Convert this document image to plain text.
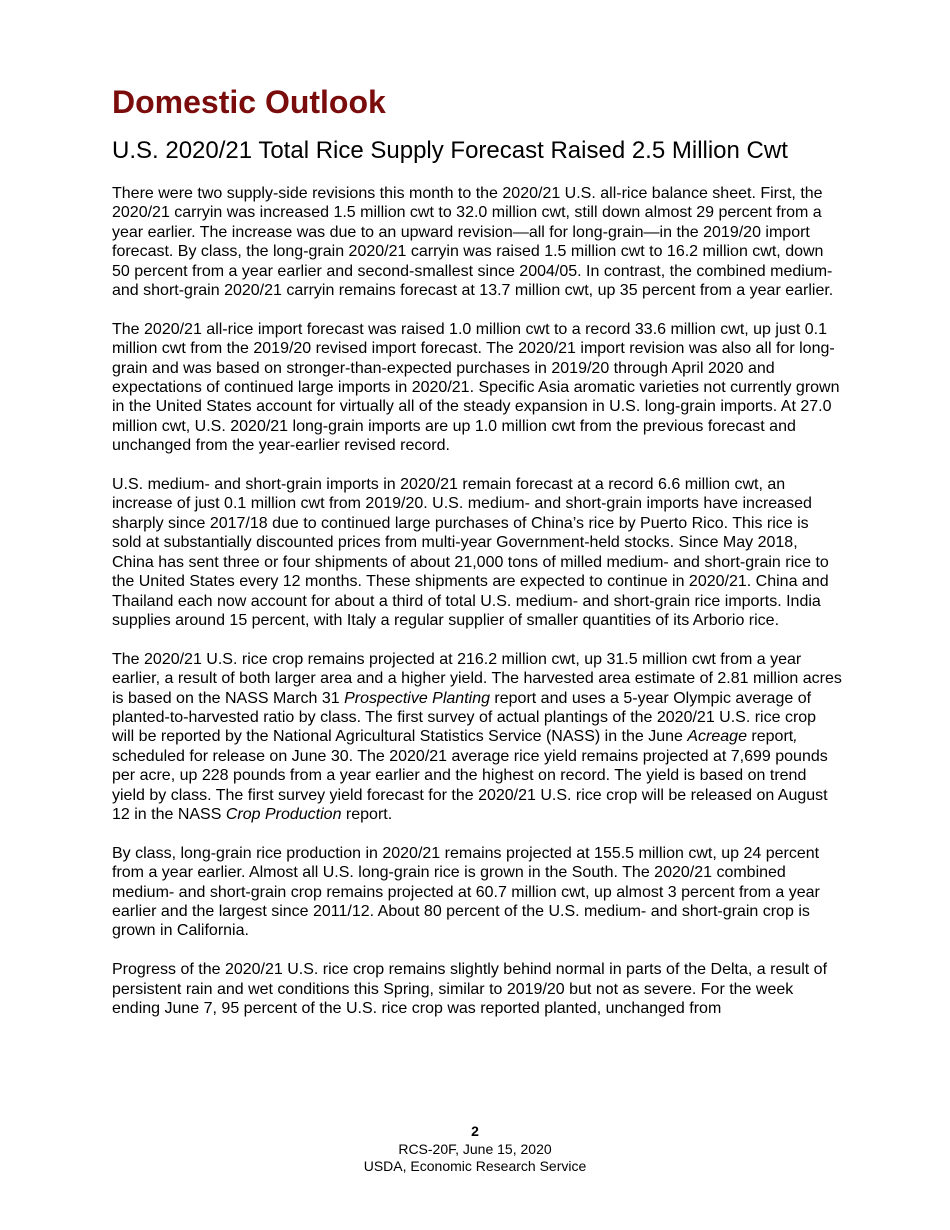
Domestic Outlook
U.S. 2020/21 Total Rice Supply Forecast Raised 2.5 Million Cwt

There were two supply-side revisions this month to the 2020/21 U.S. all-rice balance sheet. First, the 2020/21 carryin was increased 1.5 million cwt to 32.0 million cwt, still down almost 29 percent from a year earlier. The increase was due to an upward revision—all for long-grain—in the 2019/20 import forecast. By class, the long-grain 2020/21 carryin was raised 1.5 million cwt to 16.2 million cwt, down 50 percent from a year earlier and second-smallest since 2004/05. In contrast, the combined medium- and short-grain 2020/21 carryin remains forecast at 13.7 million cwt, up 35 percent from a year earlier.

The 2020/21 all-rice import forecast was raised 1.0 million cwt to a record 33.6 million cwt, up just 0.1 million cwt from the 2019/20 revised import forecast. The 2020/21 import revision was also all for long-grain and was based on stronger-than-expected purchases in 2019/20 through April 2020 and expectations of continued large imports in 2020/21. Specific Asia aromatic varieties not currently grown in the United States account for virtually all of the steady expansion in U.S. long-grain imports. At 27.0 million cwt, U.S. 2020/21 long-grain imports are up 1.0 million cwt from the previous forecast and unchanged from the year-earlier revised record.

U.S. medium- and short-grain imports in 2020/21 remain forecast at a record 6.6 million cwt, an increase of just 0.1 million cwt from 2019/20. U.S. medium- and short-grain imports have increased sharply since 2017/18 due to continued large purchases of China’s rice by Puerto Rico. This rice is sold at substantially discounted prices from multi-year Government-held stocks. Since May 2018, China has sent three or four shipments of about 21,000 tons of milled medium- and short-grain rice to the United States every 12 months. These shipments are expected to continue in 2020/21. China and Thailand each now account for about a third of total U.S. medium- and short-grain rice imports. India supplies around 15 percent, with Italy a regular supplier of smaller quantities of its Arborio rice.

The 2020/21 U.S. rice crop remains projected at 216.2 million cwt, up 31.5 million cwt from a year earlier, a result of both larger area and a higher yield. The harvested area estimate of 2.81 million acres is based on the NASS March 31 Prospective Planting report and uses a 5-year Olympic average of planted-to-harvested ratio by class. The first survey of actual plantings of the 2020/21 U.S. rice crop will be reported by the National Agricultural Statistics Service (NASS) in the June Acreage report, scheduled for release on June 30. The 2020/21 average rice yield remains projected at 7,699 pounds per acre, up 228 pounds from a year earlier and the highest on record. The yield is based on trend yield by class. The first survey yield forecast for the 2020/21 U.S. rice crop will be released on August 12 in the NASS Crop Production report.

By class, long-grain rice production in 2020/21 remains projected at 155.5 million cwt, up 24 percent from a year earlier. Almost all U.S. long-grain rice is grown in the South. The 2020/21 combined medium- and short-grain crop remains projected at 60.7 million cwt, up almost 3 percent from a year earlier and the largest since 2011/12. About 80 percent of the U.S. medium- and short-grain crop is grown in California.

Progress of the 2020/21 U.S. rice crop remains slightly behind normal in parts of the Delta, a result of persistent rain and wet conditions this Spring, similar to 2019/20 but not as severe. For the week ending June 7, 95 percent of the U.S. rice crop was reported planted, unchanged from

2
RCS-20F, June 15, 2020
USDA, Economic Research Service
